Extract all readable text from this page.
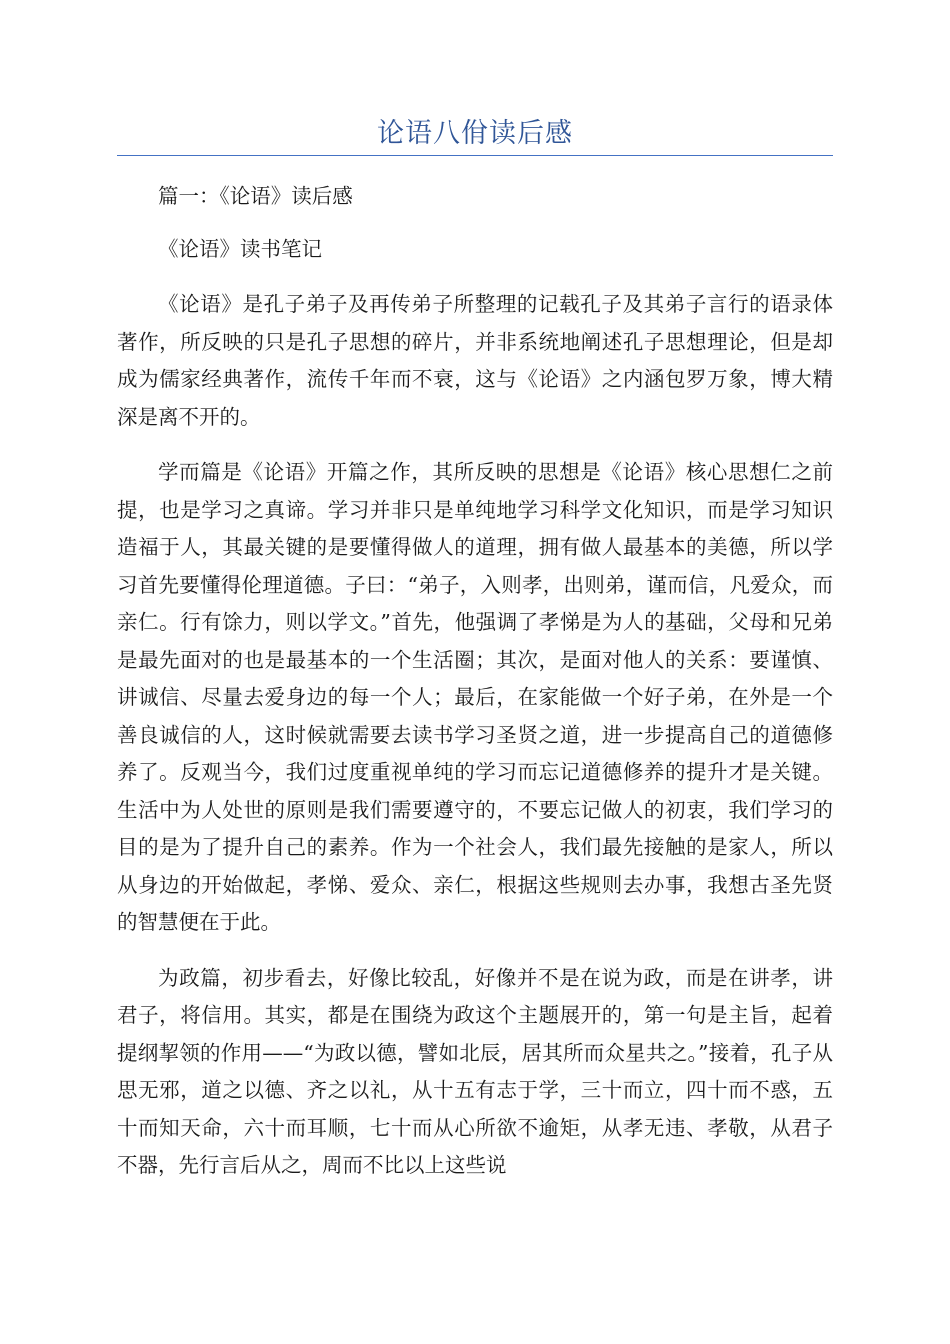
论语八佾读后感

篇一：《论语》读后感

《论语》读书笔记

《论语》是孔子弟子及再传弟子所整理的记载孔子及其弟子言行的语录体著作，所反映的只是孔子思想的碎片，并非系统地阐述孔子思想理论，但是却成为儒家经典著作，流传千年而不衰，这与《论语》之内涵包罗万象，博大精深是离不开的。

学而篇是《论语》开篇之作，其所反映的思想是《论语》核心思想仁之前提，也是学习之真谛。学习并非只是单纯地学习科学文化知识，而是学习知识造福于人，其最关键的是要懂得做人的道理，拥有做人最基本的美德，所以学习首先要懂得伦理道德。子曰：“弟子，入则孝，出则弟，谨而信，凡爱众，而亲仁。行有馀力，则以学文。”首先，他强调了孝悌是为人的基础，父母和兄弟是最先面对的也是最基本的一个生活圈；其次，是面对他人的关系：要谨慎、讲诚信、尽量去爱身边的每一个人；最后，在家能做一个好子弟，在外是一个善良诚信的人，这时候就需要去读书学习圣贤之道，进一步提高自己的道德修养了。反观当今，我们过度重视单纯的学习而忘记道德修养的提升才是关键。生活中为人处世的原则是我们需要遵守的，不要忘记做人的初衷，我们学习的目的是为了提升自己的素养。作为一个社会人，我们最先接触的是家人，所以从身边的开始做起，孝悌、爱众、亲仁，根据这些规则去办事，我想古圣先贤的智慧便在于此。

为政篇，初步看去，好像比较乱，好像并不是在说为政，而是在讲孝，讲君子，将信用。其实，都是在围绕为政这个主题展开的，第一句是主旨，起着提纲挈领的作用——“为政以德，譬如北辰，居其所而众星共之。”接着，孔子从思无邪，道之以德、齐之以礼，从十五有志于学，三十而立，四十而不惑，五十而知天命，六十而耳顺，七十而从心所欲不逾矩，从孝无违、孝敬，从君子不器，先行言后从之，周而不比以上这些说
